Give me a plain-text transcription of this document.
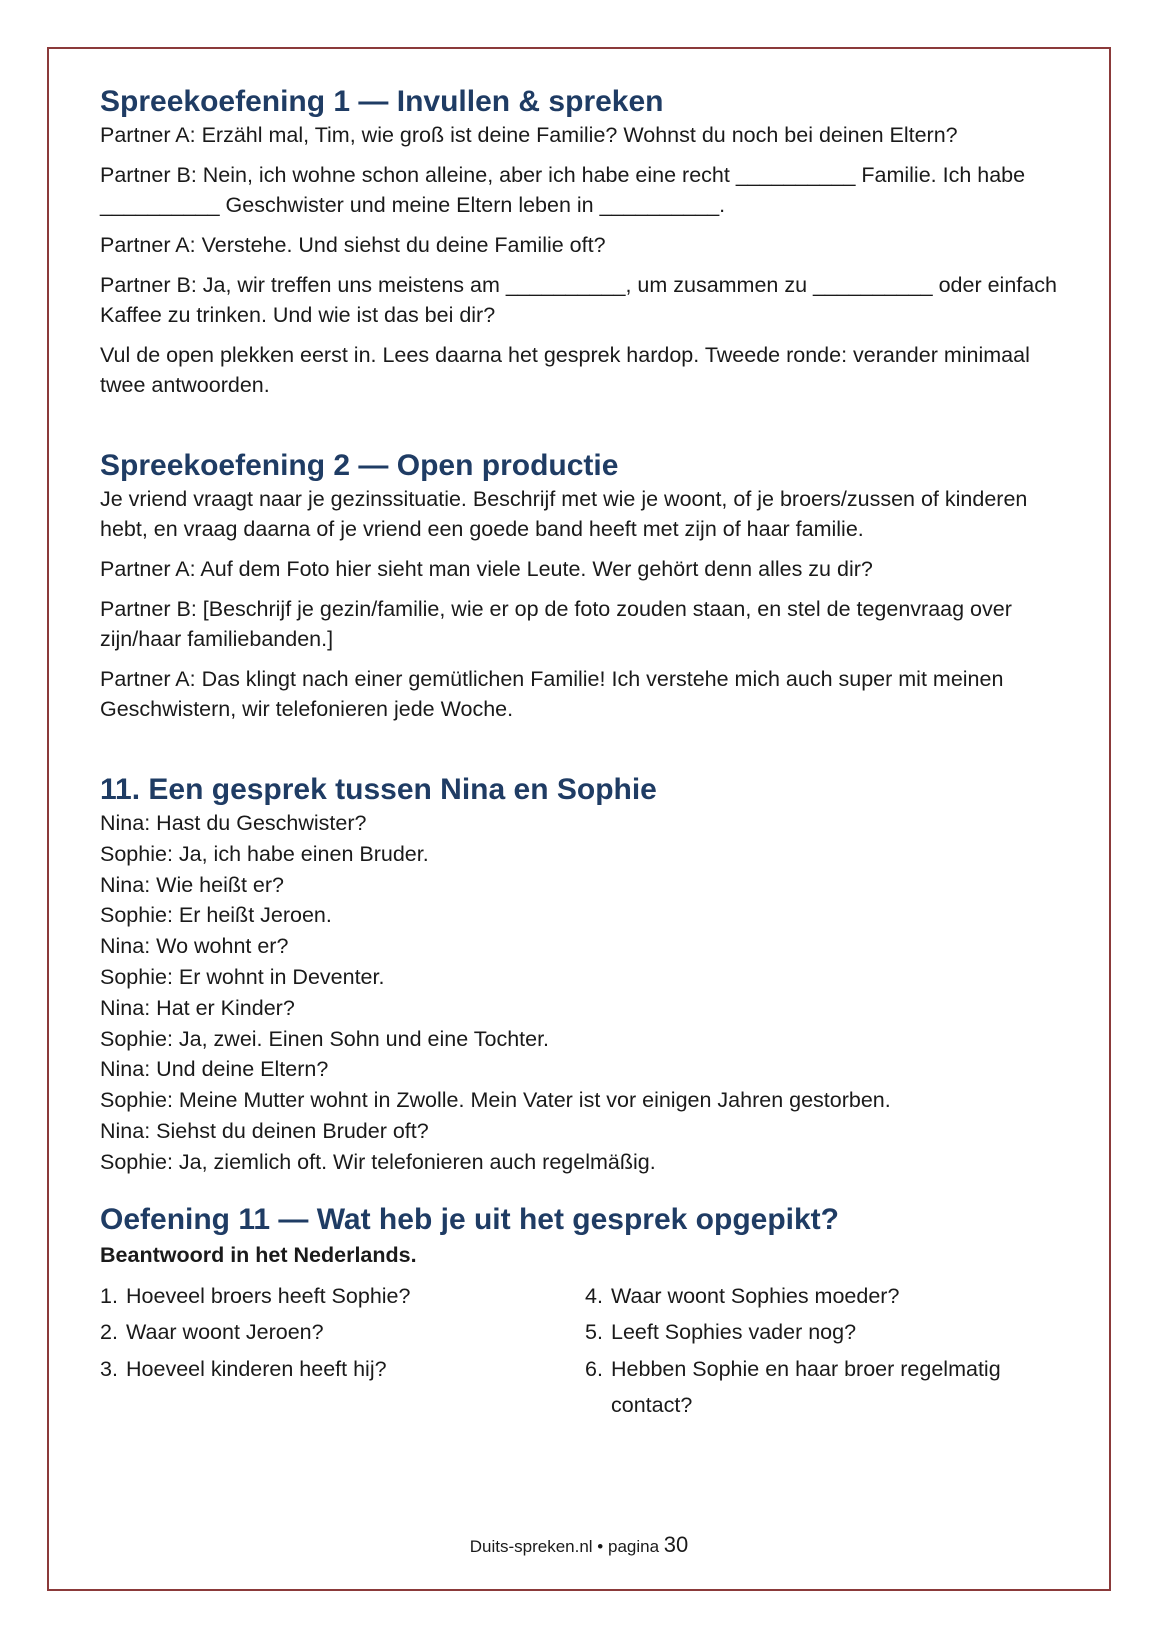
Spreekoefening 1 — Invullen & spreken

Partner A: Erzähl mal, Tim, wie groß ist deine Familie? Wohnst du noch bei deinen Eltern?

Partner B: Nein, ich wohne schon alleine, aber ich habe eine recht __________ Familie. Ich habe __________ Geschwister und meine Eltern leben in __________.

Partner A: Verstehe. Und siehst du deine Familie oft?

Partner B: Ja, wir treffen uns meistens am __________, um zusammen zu __________ oder einfach Kaffee zu trinken. Und wie ist das bei dir?

Vul de open plekken eerst in. Lees daarna het gesprek hardop. Tweede ronde: verander minimaal twee antwoorden.

Spreekoefening 2 — Open productie

Je vriend vraagt naar je gezinssituatie. Beschrijf met wie je woont, of je broers/zussen of kinderen hebt, en vraag daarna of je vriend een goede band heeft met zijn of haar familie.

Partner A: Auf dem Foto hier sieht man viele Leute. Wer gehört denn alles zu dir?

Partner B: [Beschrijf je gezin/familie, wie er op de foto zouden staan, en stel de tegenvraag over zijn/haar familiebanden.]

Partner A: Das klingt nach einer gemütlichen Familie! Ich verstehe mich auch super mit meinen Geschwistern, wir telefonieren jede Woche.

11. Een gesprek tussen Nina en Sophie

Nina: Hast du Geschwister?

Sophie: Ja, ich habe einen Bruder.

Nina: Wie heißt er?

Sophie: Er heißt Jeroen.

Nina: Wo wohnt er?

Sophie: Er wohnt in Deventer.

Nina: Hat er Kinder?

Sophie: Ja, zwei. Einen Sohn und eine Tochter.

Nina: Und deine Eltern?

Sophie: Meine Mutter wohnt in Zwolle. Mein Vater ist vor einigen Jahren gestorben.

Nina: Siehst du deinen Bruder oft?

Sophie: Ja, ziemlich oft. Wir telefonieren auch regelmäßig.

Oefening 11 — Wat heb je uit het gesprek opgepikt?
Beantwoord in het Nederlands.
1. Hoeveel broers heeft Sophie?
2. Waar woont Jeroen?
3. Hoeveel kinderen heeft hij?
4. Waar woont Sophies moeder?
5. Leeft Sophies vader nog?
6. Hebben Sophie en haar broer regelmatig contact?
Duits-spreken.nl • pagina 30
